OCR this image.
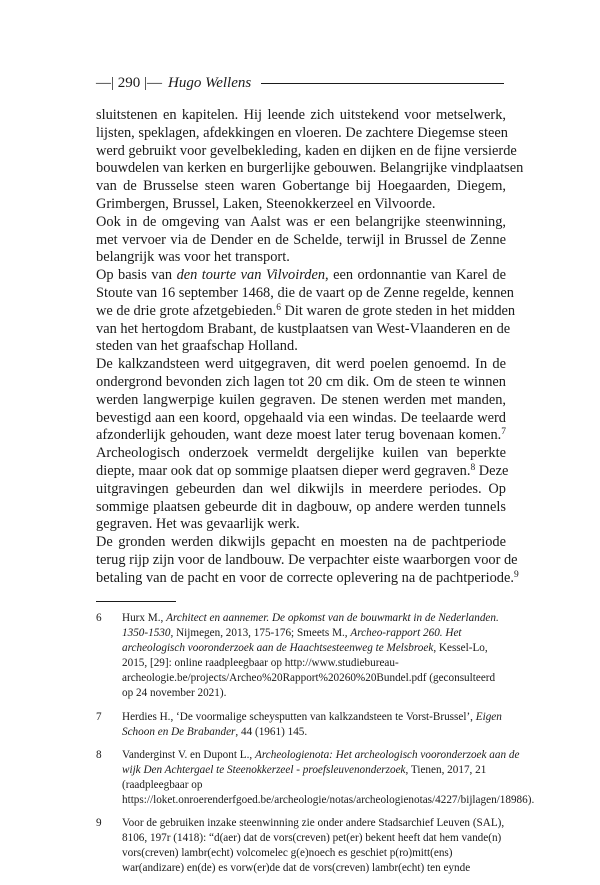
—| 290 |— Hugo Wellens
sluitstenen en kapitelen. Hij leende zich uitstekend voor metselwerk,
lijsten, speklagen, afdekkingen en vloeren. De zachtere Diegemse steen
werd gebruikt voor gevelbekleding, kaden en dijken en de fijne versierde
bouwdelen van kerken en burgerlijke gebouwen. Belangrijke vindplaatsen
van de Brusselse steen waren Gobertange bij Hoegaarden, Diegem,
Grimbergen, Brussel, Laken, Steenokkerzeel en Vilvoorde.
Ook in de omgeving van Aalst was er een belangrijke steenwinning,
met vervoer via de Dender en de Schelde, terwijl in Brussel de Zenne
belangrijk was voor het transport.
Op basis van den tourte van Vilvoirden, een ordonnantie van Karel de
Stoute van 16 september 1468, die de vaart op de Zenne regelde, kennen
we de drie grote afzetgebieden.$^6$ Dit waren de grote steden in het midden
van het hertogdom Brabant, de kustplaatsen van West-Vlaanderen en de
steden van het graafschap Holland.
De kalkzandsteen werd uitgegraven, dit werd poelen genoemd. In de
ondergrond bevonden zich lagen tot 20 cm dik. Om de steen te winnen
werden langwerpige kuilen gegraven. De stenen werden met manden,
bevestigd aan een koord, opgehaald via een windas. De teelaarde werd
afzonderlijk gehouden, want deze moest later terug bovenaan komen.$^7$
Archeologisch onderzoek vermeldt dergelijke kuilen van beperkte
diepte, maar ook dat op sommige plaatsen dieper werd gegraven.$^8$ Deze
uitgravingen gebeurden dan wel dikwijls in meerdere periodes. Op
sommige plaatsen gebeurde dit in dagbouw, op andere werden tunnels
gegraven. Het was gevaarlijk werk.
De gronden werden dikwijls gepacht en moesten na de pachtperiode
terug rijp zijn voor de landbouw. De verpachter eiste waarborgen voor de
betaling van de pacht en voor de correcte oplevering na de pachtperiode.$^9$
6	Hurx M., Architect en aannemer. De opkomst van de bouwmarkt in de Nederlanden. 1350-1530, Nijmegen, 2013, 175-176; Smeets M., Archeo-rapport 260. Het archeologisch vooronderzoek aan de Haachtsesteenweg te Melsbroek, Kessel-Lo, 2015, [29]: online raadpleegbaar op http://www.studiebureau-archeologie.be/projects/Archeo%20Rapport%20260%20Bundel.pdf (geconsulteerd op 24 november 2021).
7	Herdies H., ‘De voormalige scheysputten van kalkzandsteen te Vorst-Brussel’, Eigen Schoon en De Brabander, 44 (1961) 145.
8	Vanderginst V. en Dupont L., Archeologienota: Het archeologisch vooronderzoek aan de wijk Den Achtergael te Steenokkerzeel - proefsleuvenonderzoek, Tienen, 2017, 21 (raadpleegbaar op https://loket.onroerenderfgoed.be/archeologie/notas/archeologienotas/4227/bijlagen/18986).
9	Voor de gebruiken inzake steenwinning zie onder andere Stadsarchief Leuven (SAL), 8106, 197r (1418): “d(aer) dat de vors(creven) pet(er) bekent heeft dat hem vande(n) vors(creven) lambr(echt) volcomelec g(e)noech es geschiet p(ro)mitt(ens) war(andizare) en(de) es vorw(er)de dat de vors(creven) lambr(echt) ten eynde
